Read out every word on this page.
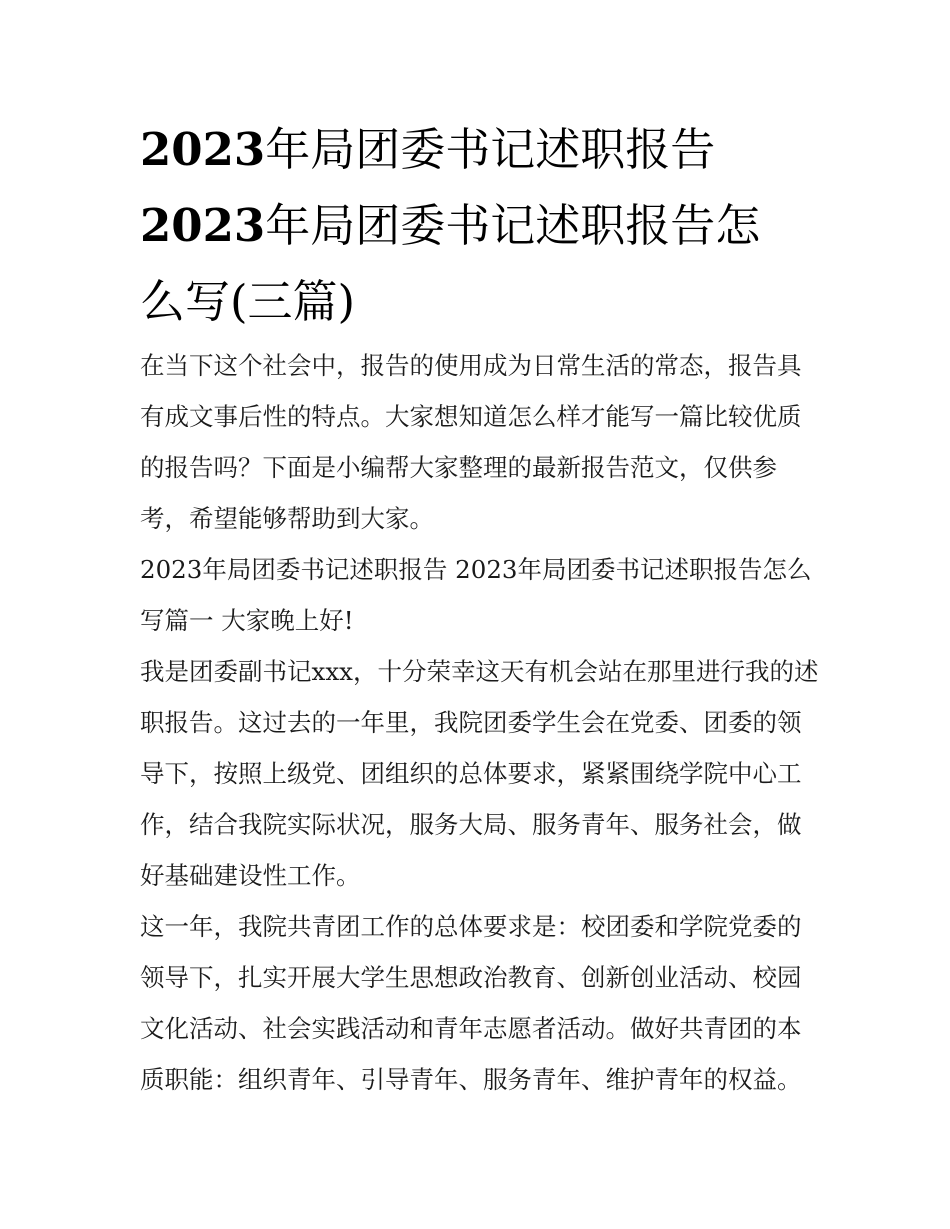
2023年局团委书记述职报告
2023年局团委书记述职报告怎
么写(三篇)

在当下这个社会中，报告的使用成为日常生活的常态，报告具有成文事后性的特点。大家想知道怎么样才能写一篇比较优质的报告吗？下面是小编帮大家整理的最新报告范文，仅供参考，希望能够帮助到大家。

2023年局团委书记述职报告 2023年局团委书记述职报告怎么写篇一 大家晚上好!

我是团委副书记xxx，十分荣幸这天有机会站在那里进行我的述职报告。这过去的一年里，我院团委学生会在党委、团委的领导下，按照上级党、团组织的总体要求，紧紧围绕学院中心工作，结合我院实际状况，服务大局、服务青年、服务社会，做好基础建设性工作。

这一年，我院共青团工作的总体要求是：校团委和学院党委的领导下，扎实开展大学生思想政治教育、创新创业活动、校园文化活动、社会实践活动和青年志愿者活动。做好共青团的本质职能：组织青年、引导青年、服务青年、维护青年的权益。
